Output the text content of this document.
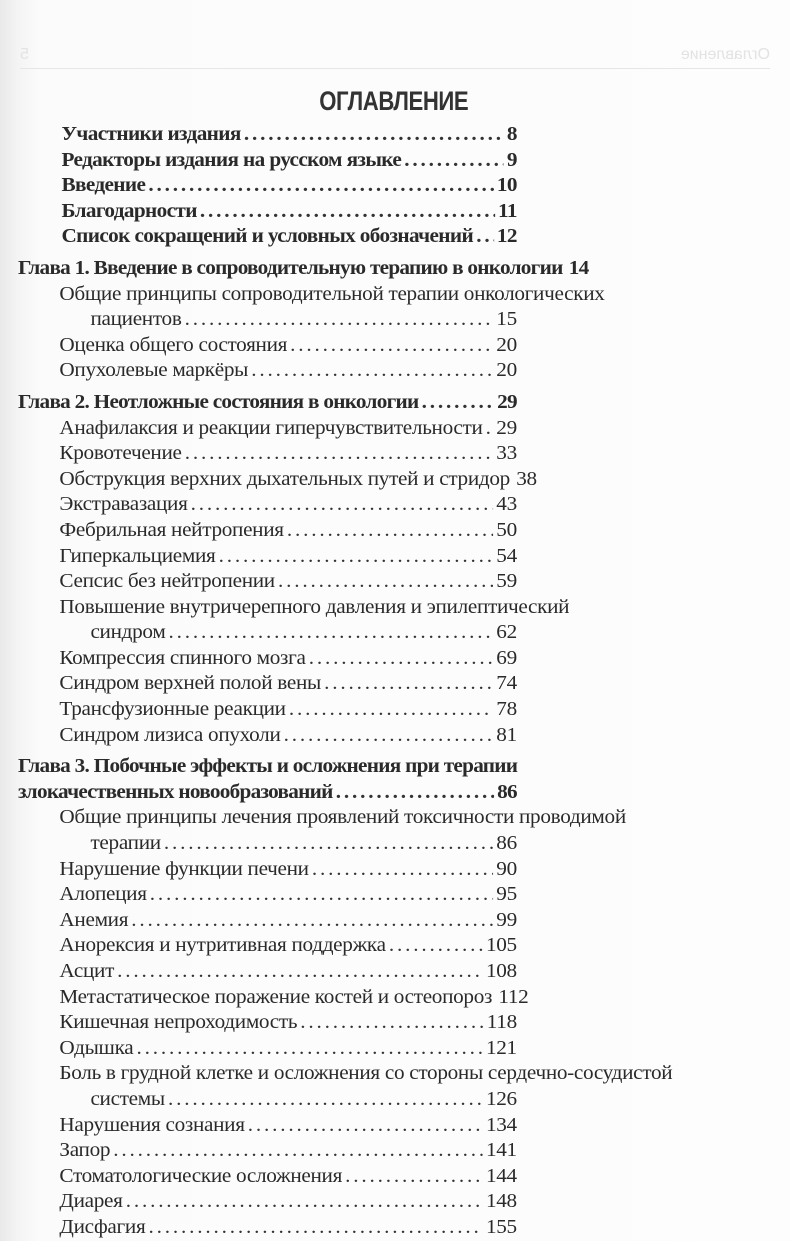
Оглавление
5
ОГЛАВЛЕНИЕ
Участники издания . . .	8
Редакторы издания на русском языке . . .	9
Введение . . .	10
Благодарности . . .	11
Список сокращений и условных обозначений . . . 12
Глава 1. Введение в сопроводительную терапию в онкологии 14
Общие принципы сопроводительной терапии онкологических
пациентов . . .	15
Оценка общего состояния . . .	20
Опухолевые маркёры . . .	20
Глава 2. Неотложные состояния в онкологии . . .	29
Анафилаксия и реакции гиперчувствительности . . . 29
Кровотечение . . .	33
Обструкция верхних дыхательных путей и стридор 38
Экстравазация . . .	43
Фебрильная нейтропения . . .	50
Гиперкальциемия . . .	54
Сепсис без нейтропении . . .	59
Повышение внутричерепного давления и эпилептический
синдром . . .	62
Компрессия спинного мозга . . .	69
Синдром верхней полой вены . . .	74
Трансфузионные реакции . . .	78
Синдром лизиса опухоли . . .	81
Глава 3. Побочные эффекты и осложнения при терапии
злокачественных новообразований . . .	86
Общие принципы лечения проявлений токсичности проводимой
терапии . . .	86
Нарушение функции печени . . .	90
Алопеция . . .	95
Анемия . . .	99
Анорексия и нутритивная поддержка . . .	105
Асцит . . .	108
Метастатическое поражение костей и остеопороз 112
Кишечная непроходимость . . .	118
Одышка . . .	121
Боль в грудной клетке и осложнения со стороны сердечно-сосудистой
системы . . .	126
Нарушения сознания . . .	134
Запор . . .	141
Стоматологические осложнения . . .	144
Диарея . . .	148
Дисфагия . . .	155
